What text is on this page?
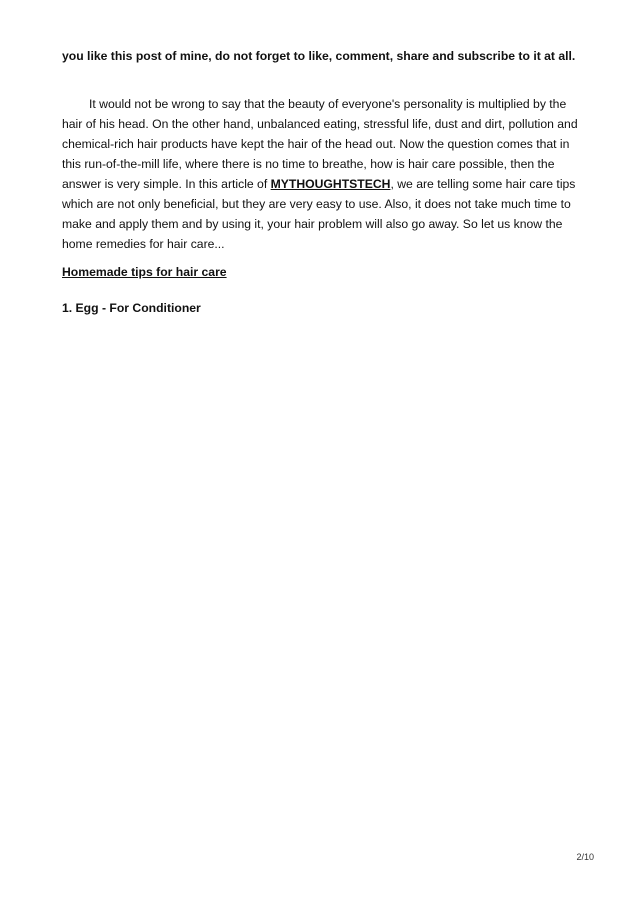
you like this post of mine, do not forget to like, comment, share and subscribe to it at all.

It would not be wrong to say that the beauty of everyone's personality is multiplied by the hair of his head. On the other hand, unbalanced eating, stressful life, dust and dirt, pollution and chemical-rich hair products have kept the hair of the head out. Now the question comes that in this run-of-the-mill life, where there is no time to breathe, how is hair care possible, then the answer is very simple. In this article of MYTHOUGHTSTECH, we are telling some hair care tips which are not only beneficial, but they are very easy to use. Also, it does not take much time to make and apply them and by using it, your hair problem will also go away. So let us know the home remedies for hair care...

Homemade tips for hair care

1. Egg - For Conditioner

2/10
